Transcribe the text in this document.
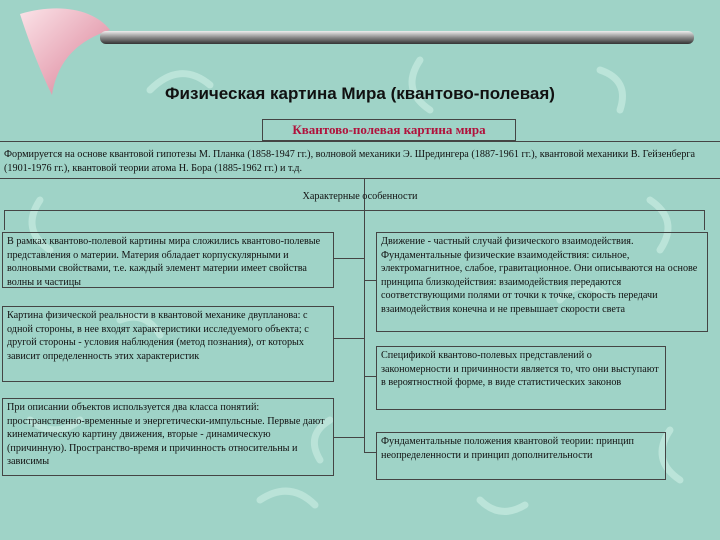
Физическая картина Мира (квантово-полевая)
Квантово-полевая картина мира
Формируется на основе квантовой гипотезы М. Планка (1858-1947 гг.), волновой механики Э. Шредингера (1887-1961 гг.), квантовой механики В. Гейзенберга (1901-1976 гг.), квантовой теории атома Н. Бора (1885-1962 гг.) и т.д.
Характерные особенности
В рамках квантово-полевой картины мира сложились квантово-полевые представления о материи. Материя обладает корпускулярными и волновыми свойствами, т.е. каждый элемент материи имеет свойства волны и частицы
Картина физической реальности в квантовой механике двупланова: с одной стороны, в нее входят характеристики исследуемого объекта; с другой стороны - условия наблюдения (метод познания), от которых зависит определенность этих характеристик
При описании объектов используется два класса понятий: пространственно-временные и энергетически-импульсные. Первые дают кинематическую картину движения, вторые - динамическую (причинную). Пространство-время и причинность относительны и зависимы
Движение - частный случай физического взаимодействия. Фундаментальные физические взаимодействия: сильное, электромагнитное, слабое, гравитационное. Они описываются на основе принципа близкодействия: взаимодействия передаются соответствующими полями от точки к точке, скорость передачи взаимодействия конечна и не превышает скорости света
Спецификой квантово-полевых представлений о закономерности и причинности является то, что они выступают в вероятностной форме, в виде статистических законов
Фундаментальные положения квантовой теории: принцип неопределенности и принцип дополнительности
